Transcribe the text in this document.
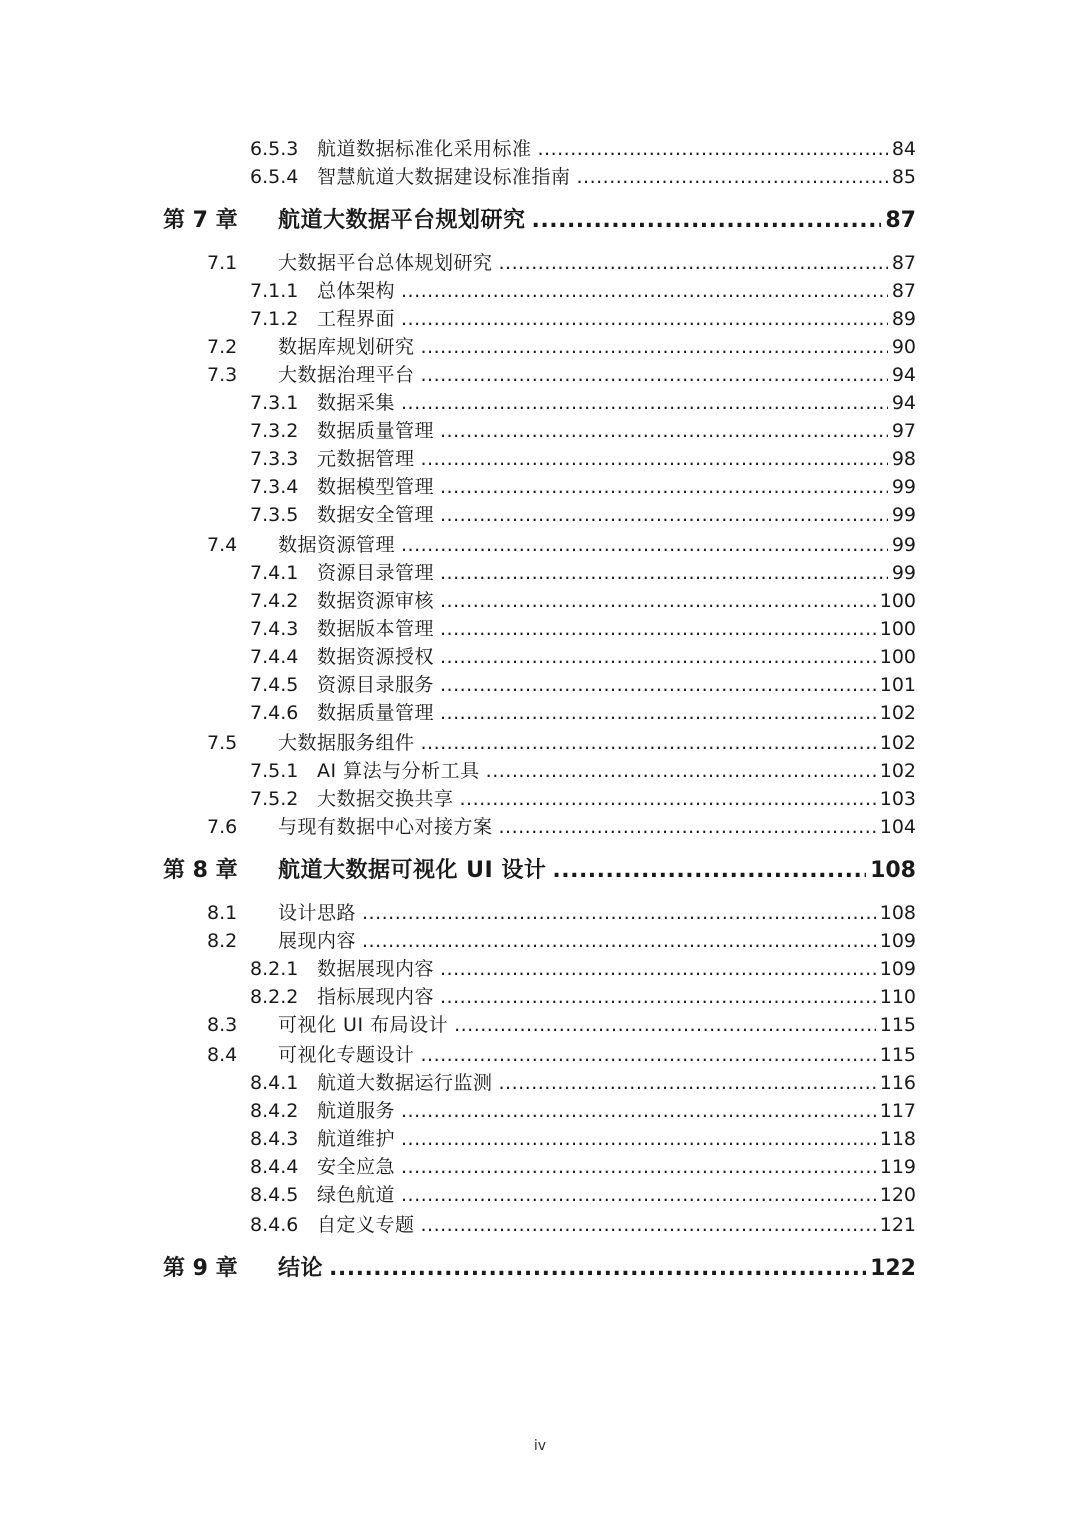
6.5.3 航道数据标准化采用标准 .....	84
6.5.4 智慧航道大数据建设标准指南 .....	85
第 7 章	航道大数据平台规划研究 .....	87
7.1	大数据平台总体规划研究 .....	87
7.1.1 总体架构 .....	87
7.1.2 工程界面 .....	89
7.2	数据库规划研究 .....	90
7.3	大数据治理平台 .....	94
7.3.1 数据采集 .....	94
7.3.2 数据质量管理 .....	97
7.3.3 元数据管理 .....	98
7.3.4 数据模型管理 .....	99
7.3.5 数据安全管理 .....	99
7.4	数据资源管理 .....	99
7.4.1 资源目录管理 .....	99
7.4.2 数据资源审核 .....	100
7.4.3 数据版本管理 .....	100
7.4.4 数据资源授权 .....	100
7.4.5 资源目录服务 .....	101
7.4.6 数据质量管理 .....	102
7.5	大数据服务组件 .....	102
7.5.1 AI 算法与分析工具 .....	102
7.5.2 大数据交换共享 .....	103
7.6	与现有数据中心对接方案 .....	104
第 8 章	航道大数据可视化 UI 设计 .....	108
8.1	设计思路 .....	108
8.2	展现内容 .....	109
8.2.1 数据展现内容 .....	109
8.2.2 指标展现内容 .....	110
8.3	可视化 UI 布局设计 .....	115
8.4	可视化专题设计 .....	115
8.4.1 航道大数据运行监测 .....	116
8.4.2 航道服务 .....	117
8.4.3 航道维护 .....	118
8.4.4 安全应急 .....	119
8.4.5 绿色航道 .....	120
8.4.6 自定义专题 .....	121
第 9 章	结论 .....	122
iv
